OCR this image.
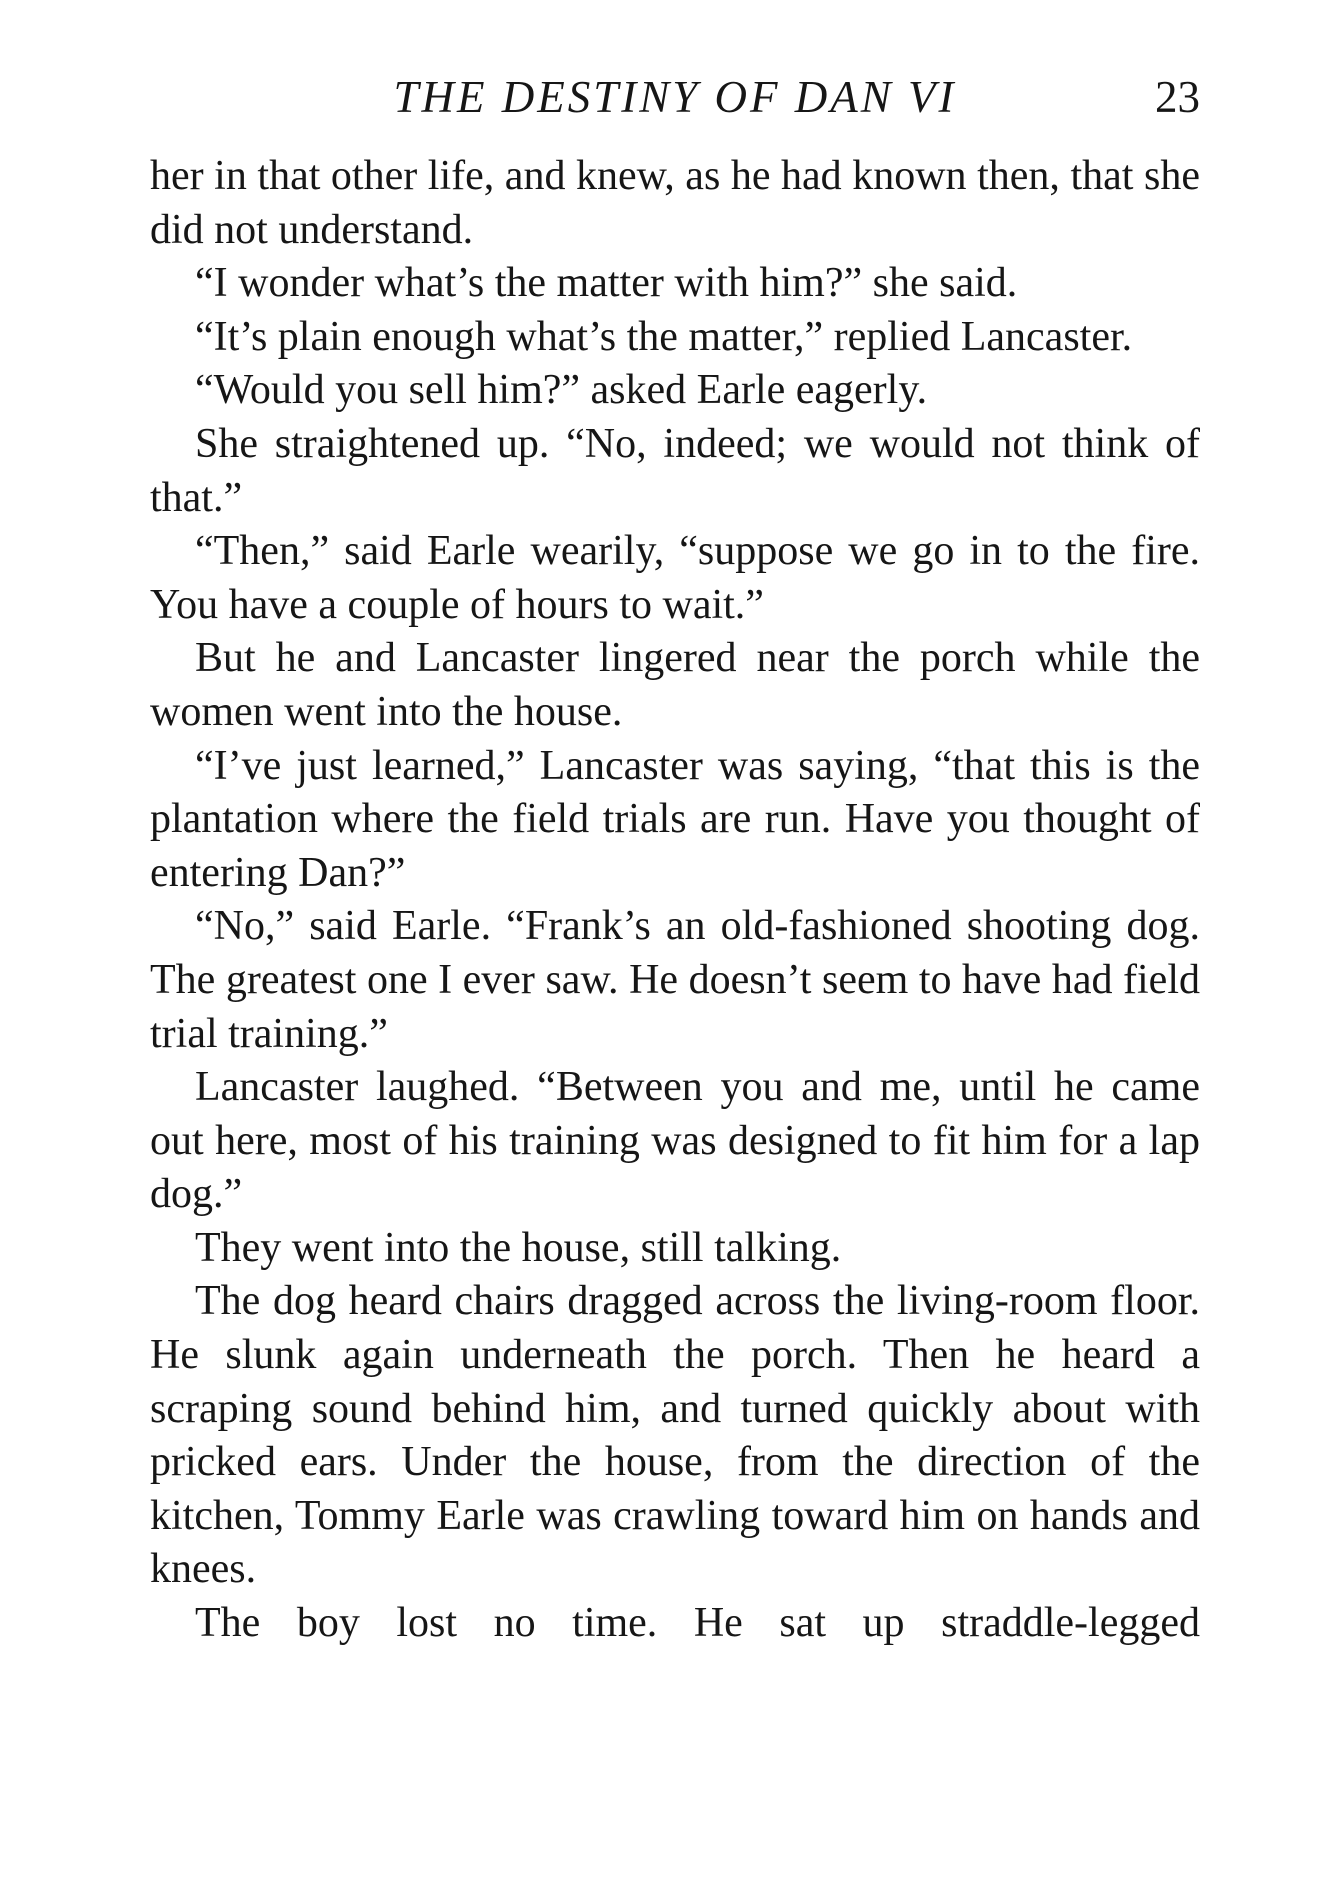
THE DESTINY OF DAN VI	23

her in that other life, and knew, as he had known then, that she did not understand.

“I wonder what’s the matter with him?” she said.

“It’s plain enough what’s the matter,” replied Lancaster.

“Would you sell him?” asked Earle eagerly.

She straightened up. “No, indeed; we would not think of that.”

“Then,” said Earle wearily, “suppose we go in to the fire. You have a couple of hours to wait.”

But he and Lancaster lingered near the porch while the women went into the house.

“I’ve just learned,” Lancaster was saying, “that this is the plantation where the field trials are run. Have you thought of entering Dan?”

“No,” said Earle. “Frank’s an old-fashioned shooting dog. The greatest one I ever saw. He doesn’t seem to have had field trial training.”

Lancaster laughed. “Between you and me, until he came out here, most of his training was designed to fit him for a lap dog.”

They went into the house, still talking.

The dog heard chairs dragged across the living-room floor. He slunk again underneath the porch. Then he heard a scraping sound behind him, and turned quickly about with pricked ears. Under the house, from the direction of the kitchen, Tommy Earle was crawling toward him on hands and knees.

The boy lost no time. He sat up straddle-legged
